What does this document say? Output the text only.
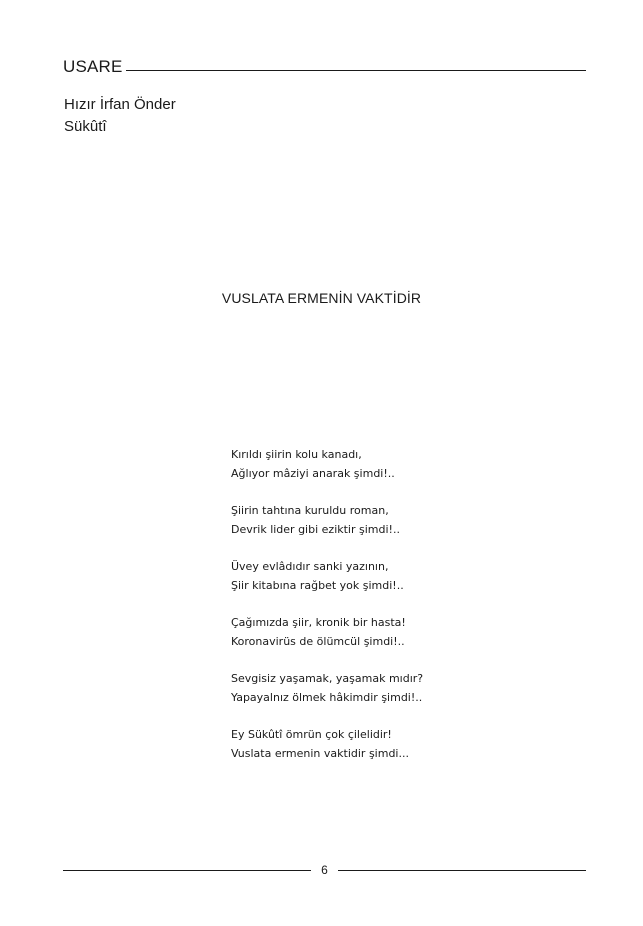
USARE
Hızır İrfan Önder
Sükûtî
VUSLATA ERMENİN VAKTİDİR
Kırıldı şiirin kolu kanadı,
Ağlıyor mâziyi anarak şimdi!..
Şiirin tahtına kuruldu roman,
Devrik lider gibi eziktir şimdi!..
Üvey evlâdıdır sanki yazının,
Şiir kitabına rağbet yok şimdi!..
Çağımızda şiir, kronik bir hasta!
Koronavirüs de ölümcül şimdi!..
Sevgisiz yaşamak, yaşamak mıdır?
Yapayalnız ölmek hâkimdir şimdi!..
Ey Sükûtî ömrün çok çilelidir!
Vuslata ermenin vaktidir şimdi...
6
